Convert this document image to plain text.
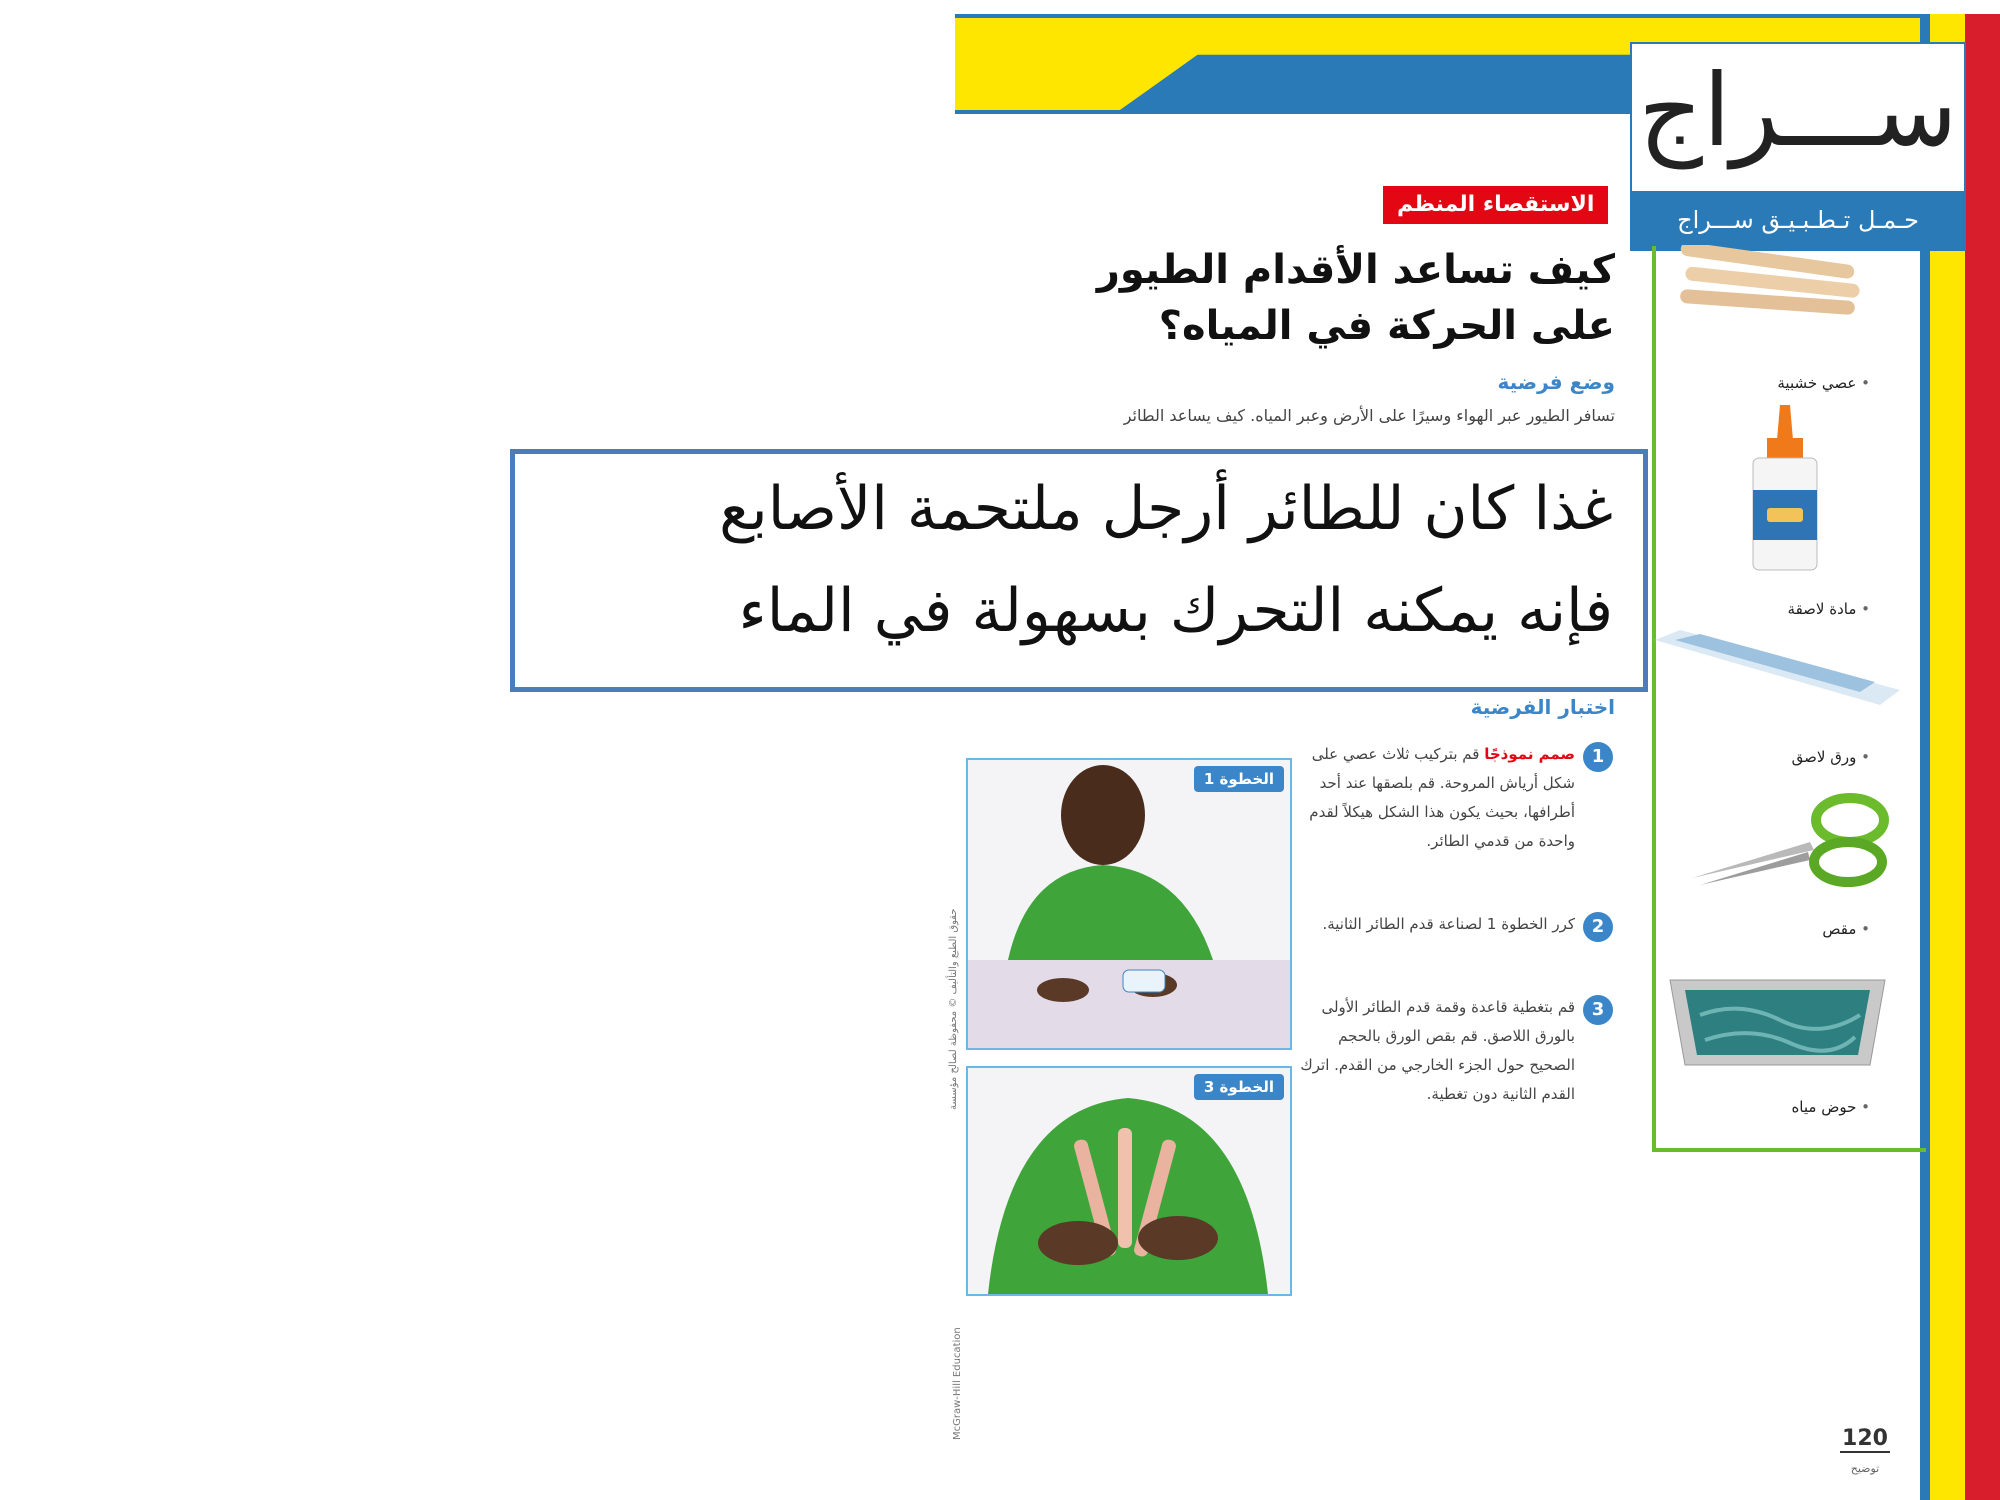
ســـراج
حـمـل تـطـبـيـق ســـراج
عصي خشبية •
مادة لاصقة •
ورق لاصق •
مقص •
حوض مياه •
الاستقصاء المنظم
كيف تساعد الأقدام الطيور على الحركة في المياه؟
وضع فرضية
تسافر الطيور عبر الهواء وسيرًا على الأرض وعبر المياه. كيف يساعد الطائر
اختبار الفرضية
1
صمم نموذجًا قم بتركيب ثلاث عصي على شكل أرياش المروحة. قم بلصقها عند أحد أطرافها، بحيث يكون هذا الشكل هيكلاً لقدم واحدة من قدمي الطائر.
2
كرر الخطوة 1 لصناعة قدم الطائر الثانية.
3
قم بتغطية قاعدة وقمة قدم الطائر الأولى بالورق اللاصق. قم بقص الورق بالحجم الصحيح حول الجزء الخارجي من القدم. اترك القدم الثانية دون تغطية.
الخطوة 1
الخطوة 3
حقوق الطبع والتأليف © محفوظة لصالح مؤسسة
McGraw-Hill Education
غذا كان للطائر أرجل ملتحمة الأصابع
فإنه يمكنه التحرك بسهولة في الماء
120
توضيح
